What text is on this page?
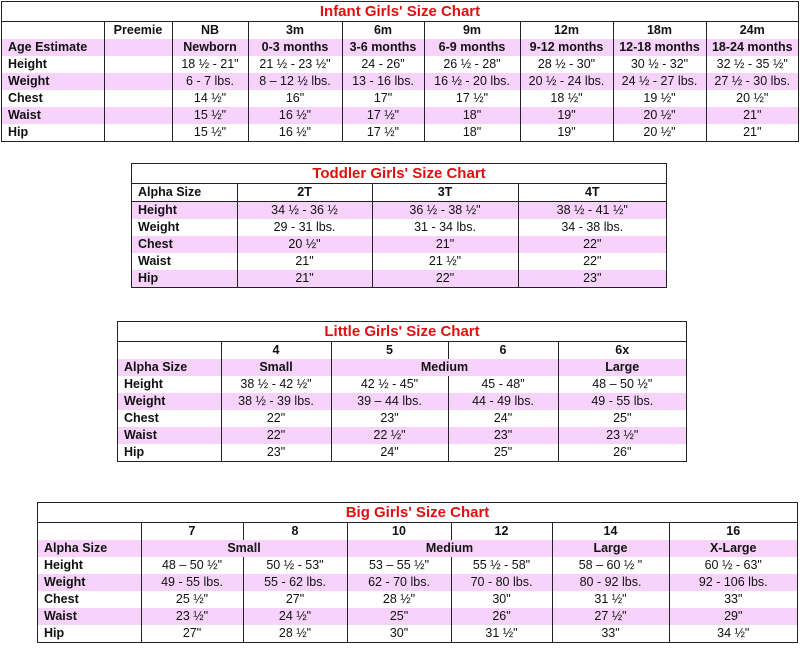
Infant Girls' Size Chart
	Preemie	NB	3m	6m	9m	12m	18m	24m
Age Estimate		Newborn	0-3 months	3-6 months	6-9 months	9-12 months	12-18 months	18-24 months
Height		18 ½ - 21"	21 ½ - 23 ½"	24 - 26"	26 ½ - 28"	28 ½ - 30"	30 ½ - 32"	32 ½ - 35 ½"
Weight		6 - 7 lbs.	8 – 12 ½ lbs.	13 - 16 lbs.	16 ½ - 20 lbs.	20 ½ - 24 lbs.	24 ½ - 27 lbs.	27 ½ - 30 lbs.
Chest		14 ½"	16"	17"	17 ½"	18 ½"	19 ½"	20 ½"
Waist		15 ½"	16 ½"	17 ½"	18"	19"	20 ½"	21"
Hip		15 ½"	16 ½"	17 ½"	18"	19"	20 ½"	21"
Toddler Girls' Size Chart
Alpha Size	2T	3T	4T
Height	34 ½ - 36 ½	36 ½ - 38 ½"	38 ½ - 41 ½"
Weight	29 - 31 lbs.	31 - 34 lbs.	34 - 38 lbs.
Chest	20 ½"	21"	22"
Waist	21"	21 ½"	22"
Hip	21"	22"	23"
Little Girls' Size Chart
	4	5	6	6x
Alpha Size	Small	Medium		Large
Height	38 ½ - 42 ½"	42 ½ - 45"	45 - 48"	48 – 50 ½"
Weight	38 ½ - 39 lbs.	39 – 44 lbs.	44 - 49 lbs.	49 - 55 lbs.
Chest	22"	23"	24"	25"
Waist	22"	22 ½"	23"	23 ½"
Hip	23"	24"	25"	26"
Big Girls' Size Chart
	7	8	10	12	14	16
Alpha Size	Small		Medium		Large	X-Large
Height	48 – 50 ½"	50 ½ - 53"	53 – 55 ½"	55 ½ - 58"	58 – 60 ½ "	60 ½ - 63"
Weight	49 - 55 lbs.	55 - 62 lbs.	62 - 70 lbs.	70 - 80 lbs.	80 - 92 lbs.	92 - 106 lbs.
Chest	25 ½"	27"	28 ½"	30"	31 ½"	33"
Waist	23 ½"	24 ½"	25"	26"	27 ½"	29"
Hip	27"	28 ½"	30"	31 ½"	33"	34 ½"
